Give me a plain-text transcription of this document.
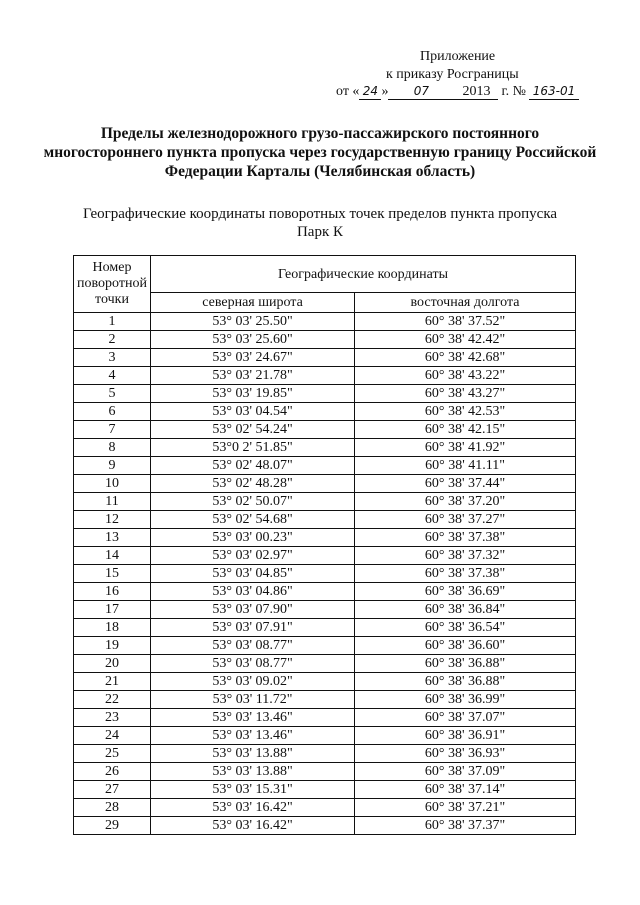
Приложение
к приказу Росграницы
от « 24 » 07 2013 г. № 163-01
Пределы железнодорожного грузо-пассажирского постоянного многостороннего пункта пропуска через государственную границу Российской Федерации Карталы (Челябинская область)
Географические координаты поворотных точек пределов пункта пропуска
Парк К
Номер поворотной точки	Географические координаты	
	северная широта	восточная долгота
1	53° 03' 25.50"	60° 38' 37.52"
2	53° 03' 25.60"	60° 38' 42.42"
3	53° 03' 24.67"	60° 38' 42.68"
4	53° 03' 21.78"	60° 38' 43.22"
5	53° 03' 19.85"	60° 38' 43.27"
6	53° 03' 04.54"	60° 38' 42.53"
7	53° 02' 54.24"	60° 38' 42.15"
8	53°0 2' 51.85"	60° 38' 41.92"
9	53° 02' 48.07"	60° 38' 41.11"
10	53° 02' 48.28"	60° 38' 37.44"
11	53° 02' 50.07"	60° 38' 37.20"
12	53° 02' 54.68"	60° 38' 37.27"
13	53° 03' 00.23"	60° 38' 37.38"
14	53° 03' 02.97"	60° 38' 37.32"
15	53° 03' 04.85"	60° 38' 37.38"
16	53° 03' 04.86"	60° 38' 36.69"
17	53° 03' 07.90"	60° 38' 36.84"
18	53° 03' 07.91"	60° 38' 36.54"
19	53° 03' 08.77"	60° 38' 36.60"
20	53° 03' 08.77"	60° 38' 36.88"
21	53° 03' 09.02"	60° 38' 36.88"
22	53° 03' 11.72"	60° 38' 36.99"
23	53° 03' 13.46"	60° 38' 37.07"
24	53° 03' 13.46"	60° 38' 36.91"
25	53° 03' 13.88"	60° 38' 36.93"
26	53° 03' 13.88"	60° 38' 37.09"
27	53° 03' 15.31"	60° 38' 37.14"
28	53° 03' 16.42"	60° 38' 37.21"
29	53° 03' 16.42"	60° 38' 37.37"
